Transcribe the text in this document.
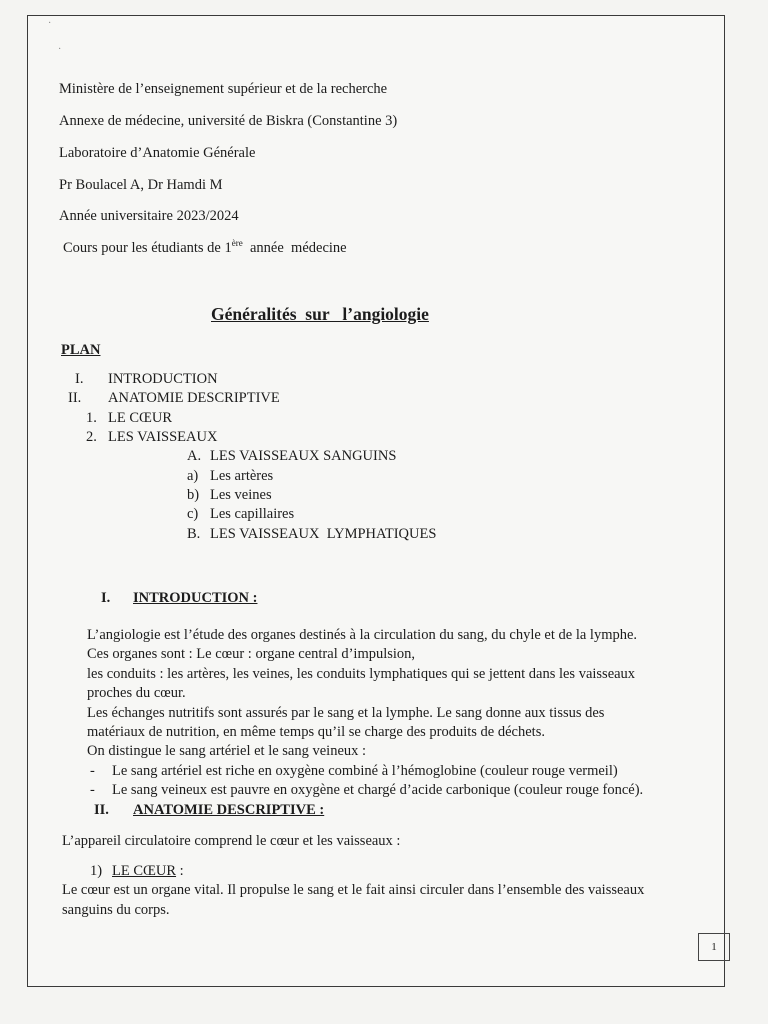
·
·
Ministère de l’enseignement supérieur et de la recherche
Annexe de médecine, université de Biskra (Constantine 3)
Laboratoire d’Anatomie Générale
Pr Boulacel A, Dr Hamdi M
Année universitaire 2023/2024
Cours pour les étudiants de 1ère  année  médecine
Généralités  sur   l’angiologie
PLAN
I. INTRODUCTION
II. ANATOMIE DESCRIPTIVE
1. LE CŒUR
2. LES VAISSEAUX
A. LES VAISSEAUX SANGUINS
a) Les artères
b) Les veines
c) Les capillaires
B. LES VAISSEAUX  LYMPHATIQUES
I. INTRODUCTION :
L’angiologie est l’étude des organes destinés à la circulation du sang, du chyle et de la lymphe.
Ces organes sont : Le cœur : organe central d’impulsion,
les conduits : les artères, les veines, les conduits lymphatiques qui se jettent dans les vaisseaux
proches du cœur.
Les échanges nutritifs sont assurés par le sang et la lymphe. Le sang donne aux tissus des
matériaux de nutrition, en même temps qu’il se charge des produits de déchets.
On distingue le sang artériel et le sang veineux :
- Le sang artériel est riche en oxygène combiné à l’hémoglobine (couleur rouge vermeil)
- Le sang veineux est pauvre en oxygène et chargé d’acide carbonique (couleur rouge foncé).
II. ANATOMIE DESCRIPTIVE :
L’appareil circulatoire comprend le cœur et les vaisseaux :
1) LE CŒUR :
Le cœur est un organe vital. Il propulse le sang et le fait ainsi circuler dans l’ensemble des vaisseaux
sanguins du corps.
1
